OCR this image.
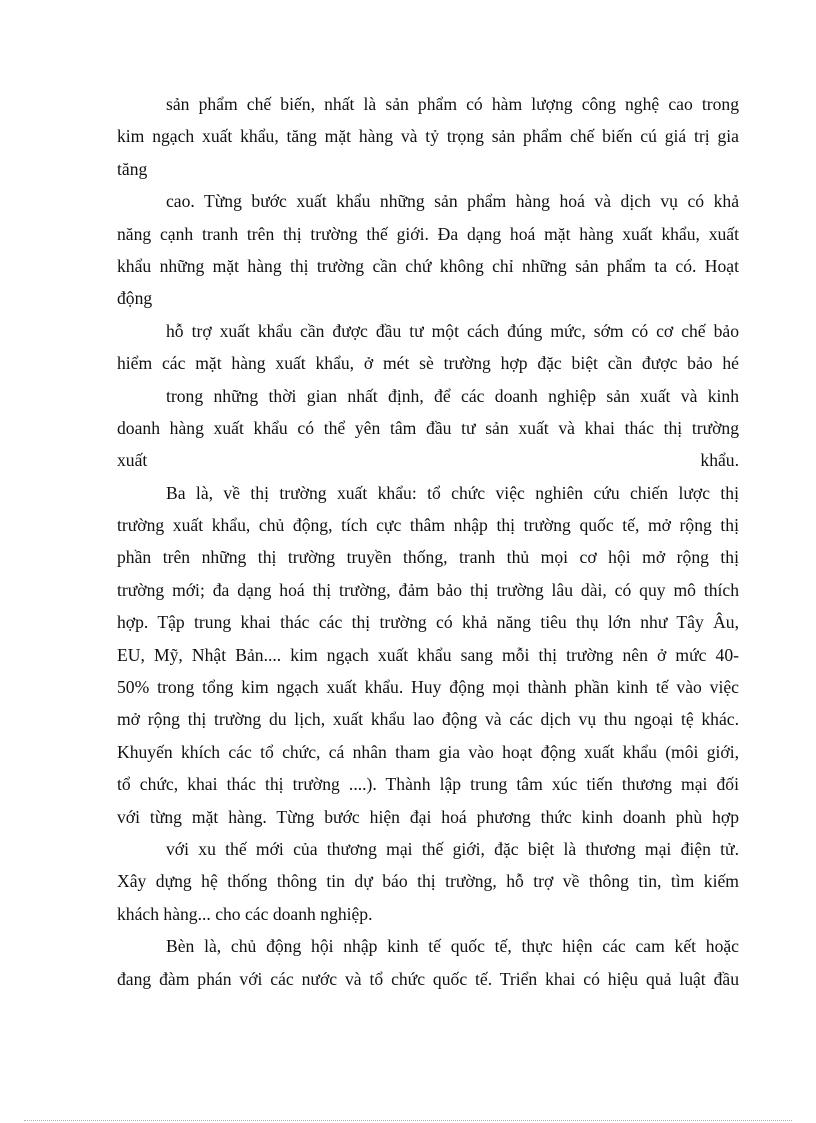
sản phẩm chế biến, nhất là sản phẩm có hàm lượng công nghệ cao trong
kim ngạch xuất khẩu, tăng mặt hàng và tỷ trọng sản phẩm chế biến cú giá trị gia
tăng
cao. Từng bước xuất khẩu những sản phẩm hàng hoá và dịch vụ có khả
năng cạnh tranh trên thị trường thế giới. Đa dạng hoá mặt hàng xuất khẩu, xuất
khẩu những mặt hàng thị trường cần chứ không chỉ những sản phẩm ta có. Hoạt
động
hỗ trợ xuất khẩu cần được đầu tư một cách đúng mức, sớm có cơ chế bảo
hiểm các mặt hàng xuất khẩu, ở mét sè trường hợp đặc biệt cần được bảo hé
trong những thời gian nhất định, để các doanh nghiệp sản xuất và kinh
doanh hàng xuất khẩu có thể yên tâm đầu tư sản xuất và khai thác thị trường
xuất	khẩu.
Ba là, về thị trường xuất khẩu: tổ chức việc nghiên cứu chiến lược thị
trường xuất khẩu, chủ động, tích cực thâm nhập thị trường quốc tế, mở rộng thị
phần trên những thị trường truyền thống, tranh thủ mọi cơ hội mở rộng thị
trường mới; đa dạng hoá thị trường, đảm bảo thị trường lâu dài, có quy mô thích
hợp. Tập trung khai thác các thị trường có khả năng tiêu thụ lớn như Tây Âu,
EU, Mỹ, Nhật Bản.... kim ngạch xuất khẩu sang mỗi thị trường nên ở mức 40-
50% trong tổng kim ngạch xuất khẩu. Huy động mọi thành phần kinh tế vào việc
mở rộng thị trường du lịch, xuất khẩu lao động và các dịch vụ thu ngoại tệ khác.
Khuyến khích các tổ chức, cá nhân tham gia vào hoạt động xuất khẩu (môi giới,
tổ chức, khai thác thị trường ....). Thành lập trung tâm xúc tiến thương mại đối
với từng mặt hàng. Từng bước hiện đại hoá phương thức kinh doanh phù hợp
với xu thế mới của thương mại thế giới, đặc biệt là thương mại điện tử.
Xây dựng hệ thống thông tin dự báo thị trường, hỗ trợ về thông tin, tìm kiếm
khách hàng... cho các doanh nghiệp.
Bèn là, chủ động hội nhập kinh tế quốc tế, thực hiện các cam kết hoặc
đang đàm phán với các nước và tổ chức quốc tế. Triển khai có hiệu quả luật đầu
